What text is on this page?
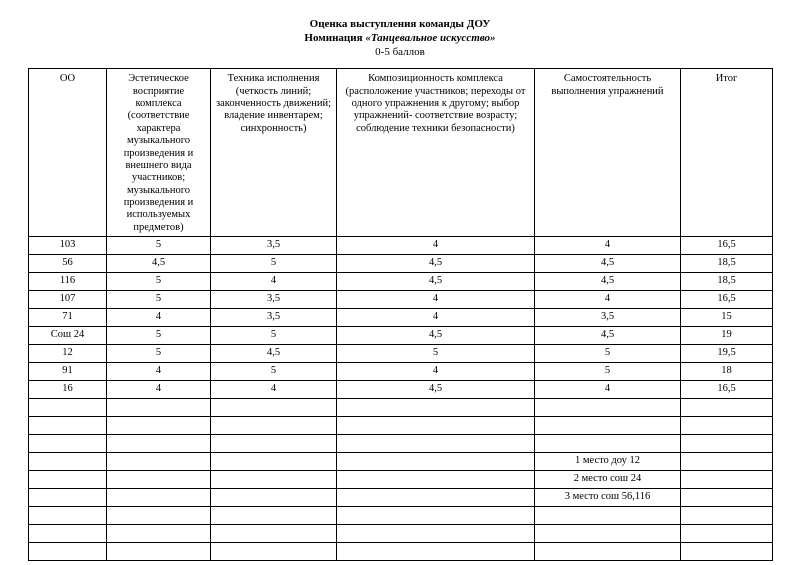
Оценка выступления команды ДОУ
Номинация «Танцевальное искусство»
0-5 баллов
ОО	Эстетическое восприятие комплекса (соответствие характера музыкального произведения и внешнего вида участников; музыкального произведения и используемых предметов)	Техника исполнения (четкость линий; законченность движений; владение инвентарем; синхронность)	Композиционность комплекса (расположение участников; переходы от одного упражнения к другому; выбор упражнений- соответствие возрасту; соблюдение техники безопасности)	Самостоятельность выполнения упражнений	Итог
103	5	3,5	4	4	16,5
56	4,5	5	4,5	4,5	18,5
116	5	4	4,5	4,5	18,5
107	5	3,5	4	4	16,5
71	4	3,5	4	3,5	15
Сош 24	5	5	4,5	4,5	19
12	5	4,5	5	5	19,5
91	4	5	4	5	18
16	4	4	4,5	4	16,5

				1 место доу 12	
				2 место сош 24	
				3 место сош 56,116	
